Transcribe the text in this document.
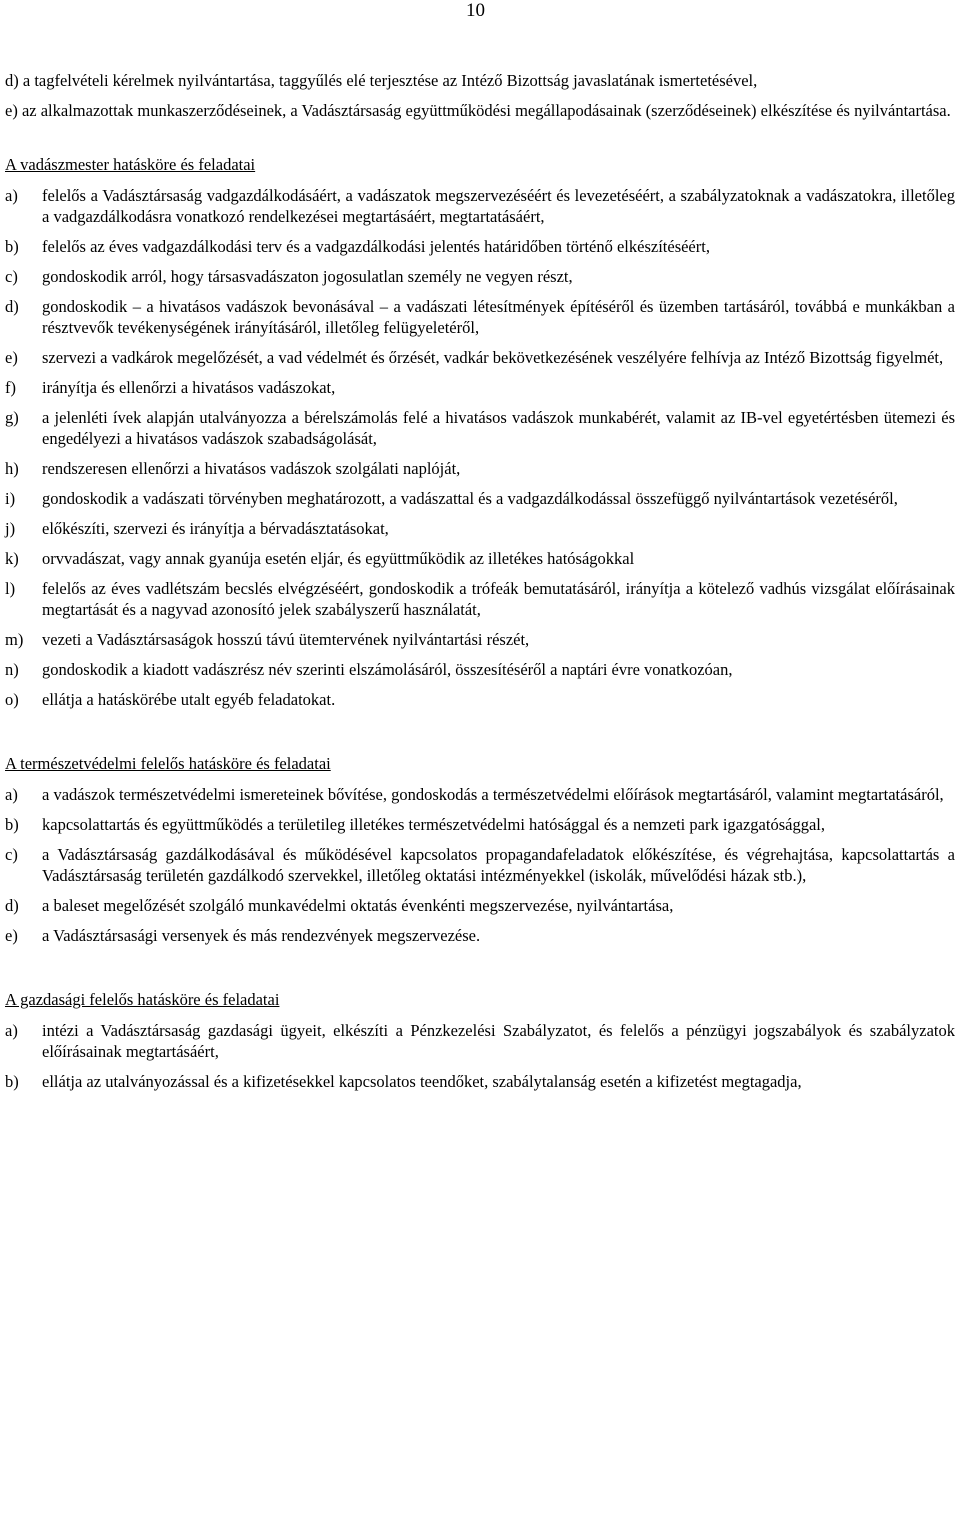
10

d) a tagfelvételi kérelmek nyilvántartása, taggyűlés elé terjesztése az Intéző Bizottság javaslatának ismertetésével,

e) az alkalmazottak munkaszerződéseinek, a Vadásztársaság együttműködési megállapodásainak (szerződéseinek) elkészítése és nyilvántartása.

A vadászmester hatásköre és feladatai
a)	felelős a Vadásztársaság vadgazdálkodásáért, a vadászatok megszervezéséért és levezetéséért, a szabályzatoknak a vadászatokra, illetőleg a vadgazdálkodásra vonatkozó rendelkezései megtartásáért, megtartatásáért,
b)	felelős az éves vadgazdálkodási terv és a vadgazdálkodási jelentés határidőben történő elkészítéséért,
c)	gondoskodik arról, hogy társasvadászaton jogosulatlan személy ne vegyen részt,
d)	gondoskodik – a hivatásos vadászok bevonásával – a vadászati létesítmények építéséről és üzemben tartásáról, továbbá e munkákban a résztvevők tevékenységének irányításáról, illetőleg felügyeletéről,
e)	szervezi a vadkárok megelőzését, a vad védelmét és őrzését, vadkár bekövetkezésének veszélyére felhívja az Intéző Bizottság figyelmét,
f)	irányítja és ellenőrzi a hivatásos vadászokat,
g)	a jelenléti ívek alapján utalványozza a bérelszámolás felé a hivatásos vadászok munkabérét, valamit az IB-vel egyetértésben ütemezi és engedélyezi a hivatásos vadászok szabadságolását,
h)	rendszeresen ellenőrzi a hivatásos vadászok szolgálati naplóját,
i)	gondoskodik a vadászati törvényben meghatározott, a vadászattal és a vadgazdálkodással összefüggő nyilvántartások vezetéséről,
j)	előkészíti, szervezi és irányítja a bérvadásztatásokat,
k)	orvvadászat, vagy annak gyanúja esetén eljár, és együttműködik az illetékes hatóságokkal
l)	felelős az éves vadlétszám becslés elvégzéséért, gondoskodik a trófeák bemutatásáról, irányítja a kötelező vadhús vizsgálat előírásainak megtartását és a nagyvad azonosító jelek szabályszerű használatát,
m)	vezeti a Vadásztársaságok hosszú távú ütemtervének nyilvántartási részét,
n)	gondoskodik a kiadott vadászrész név szerinti elszámolásáról, összesítéséről a naptári évre vonatkozóan,
o)	ellátja a hatáskörébe utalt egyéb feladatokat.
A természetvédelmi felelős hatásköre és feladatai
a)	a vadászok természetvédelmi ismereteinek bővítése, gondoskodás a természetvédelmi előírások megtartásáról, valamint megtartatásáról,
b)	kapcsolattartás és együttműködés a területileg illetékes természetvédelmi hatósággal és a nemzeti park igazgatósággal,
c)	a Vadásztársaság gazdálkodásával és működésével kapcsolatos propagandafeladatok előkészítése, és végrehajtása, kapcsolattartás a Vadásztársaság területén gazdálkodó szervekkel, illetőleg oktatási intézményekkel (iskolák, művelődési házak stb.),
d)	a baleset megelőzését szolgáló munkavédelmi oktatás évenkénti megszervezése, nyilvántartása,
e)	a Vadásztársasági versenyek és más rendezvények megszervezése.
A gazdasági felelős hatásköre és feladatai
a)	intézi a Vadásztársaság gazdasági ügyeit, elkészíti a Pénzkezelési Szabályzatot, és felelős a pénzügyi jogszabályok és szabályzatok előírásainak megtartásáért,
b)	ellátja az utalványozással és a kifizetésekkel kapcsolatos teendőket, szabálytalanság esetén a kifizetést megtagadja,
